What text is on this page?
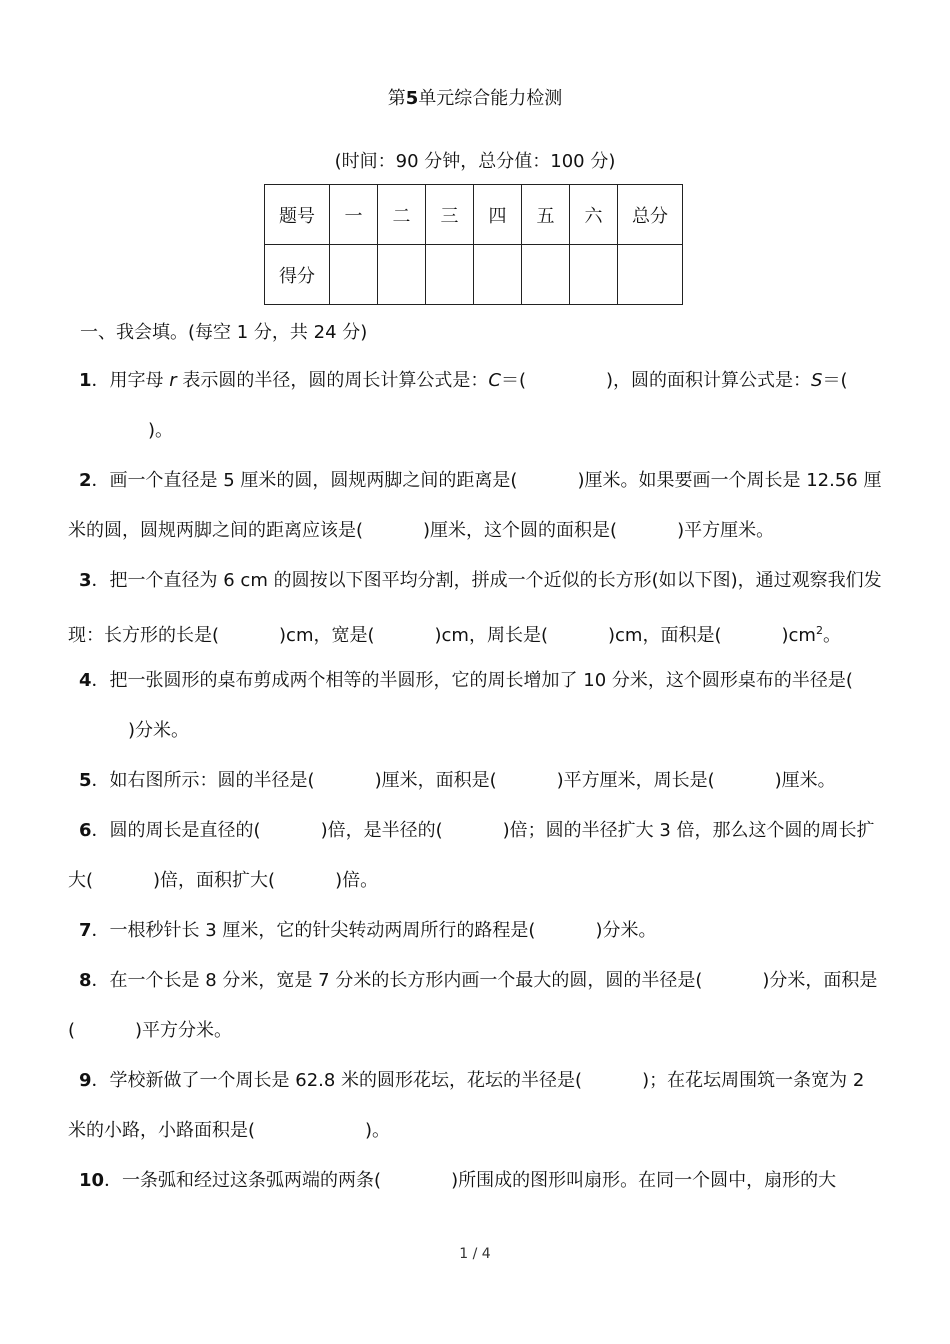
第5单元综合能力检测
(时间：90 分钟，总分值：100 分)
题号	一	二	三	四	五	六	总分
得分							
一、我会填。(每空 1 分，共 24 分)
1．用字母 r 表示圆的半径，圆的周长计算公式是：C＝(	)，圆的面积计算公式是：S＝()。
2．画一个直径是 5 厘米的圆，圆规两脚之间的距离是(	)厘米。如果要画一个周长是 12.56 厘米的圆，圆规两脚之间的距离应该是(	)厘米，这个圆的面积是(	)平方厘米。
3．把一个直径为 6 cm 的圆按以下图平均分割，拼成一个近似的长方形(如以下图)，通过观察我们发现：长方形的长是(	)cm，宽是(	)cm，周长是(	)cm，面积是(	)$cm^2$。
4．把一张圆形的桌布剪成两个相等的半圆形，它的周长增加了 10 分米，这个圆形桌布的半径是()分米。
5．如右图所示：圆的半径是(	)厘米，面积是(	)平方厘米，周长是(	)厘米。
6．圆的周长是直径的(	)倍，是半径的(	)倍；圆的半径扩大 3 倍，那么这个圆的周长扩大(	)倍，面积扩大(	)倍。
7．一根秒针长 3 厘米，它的针尖转动两周所行的路程是(	)分米。
8．在一个长是 8 分米，宽是 7 分米的长方形内画一个最大的圆，圆的半径是(	)分米，面积是(	)平方分米。
9．学校新做了一个周长是 62.8 米的圆形花坛，花坛的半径是(	)；在花坛周围筑一条宽为 2 米的小路，小路面积是(	)。
10．一条弧和经过这条弧两端的两条(	)所围成的图形叫扇形。在同一个圆中，扇形的大
1 / 4
